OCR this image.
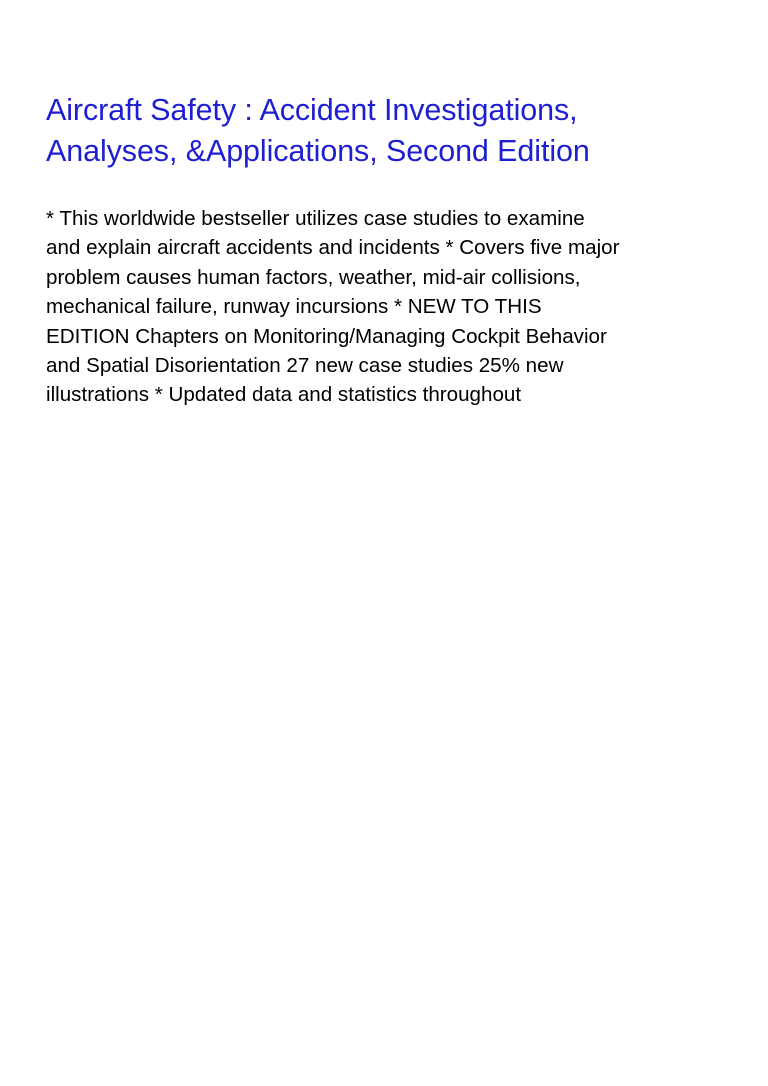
Aircraft Safety : Accident Investigations,
Analyses, &Applications, Second Edition

* This worldwide bestseller utilizes case studies to examine
and explain aircraft accidents and incidents * Covers five major
problem causes human factors, weather, mid-air collisions,
mechanical failure, runway incursions * NEW TO THIS
EDITION Chapters on Monitoring/Managing Cockpit Behavior
and Spatial Disorientation 27 new case studies 25% new
illustrations * Updated data and statistics throughout
